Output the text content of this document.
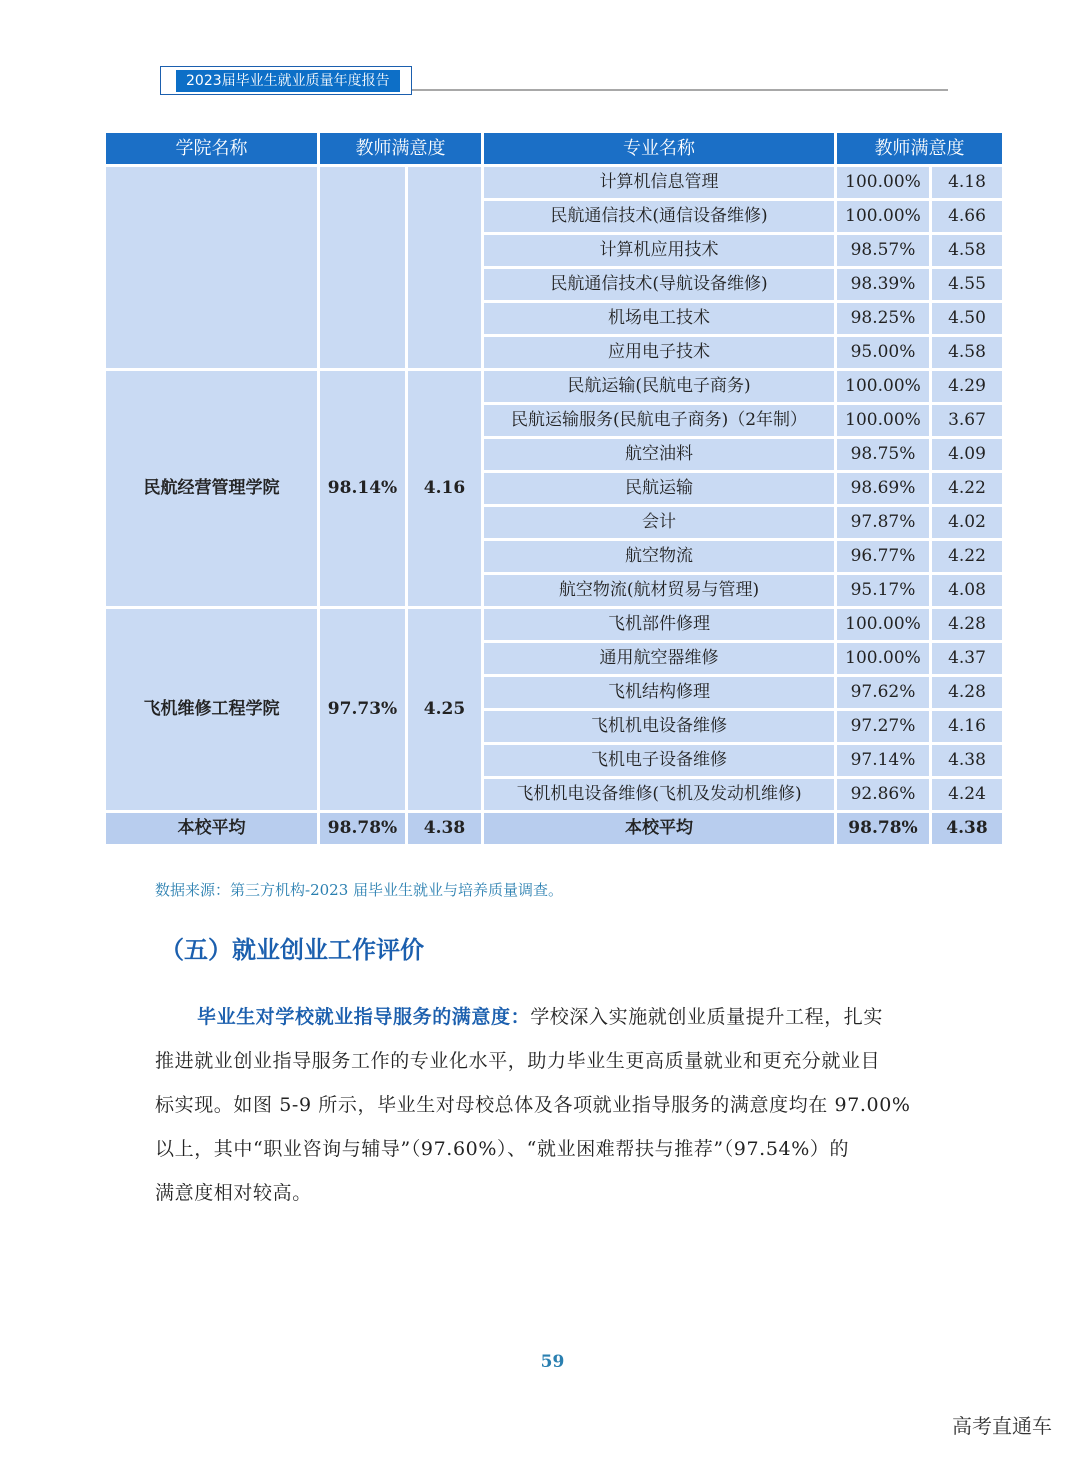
2023届毕业生就业质量年度报告
学院名称	教师满意度		专业名称	教师满意度	
			计算机信息管理	100.00%	4.18
			民航通信技术(通信设备维修)	100.00%	4.66
			计算机应用技术	98.57%	4.58
			民航通信技术(导航设备维修)	98.39%	4.55
			机场电工技术	98.25%	4.50
			应用电子技术	95.00%	4.58
民航经营管理学院	98.14%	4.16	民航运输(民航电子商务)	100.00%	4.29
			民航运输服务(民航电子商务)（2年制）	100.00%	3.67
			航空油料	98.75%	4.09
			民航运输	98.69%	4.22
			会计	97.87%	4.02
			航空物流	96.77%	4.22
			航空物流(航材贸易与管理)	95.17%	4.08
飞机维修工程学院	97.73%	4.25	飞机部件修理	100.00%	4.28
			通用航空器维修	100.00%	4.37
			飞机结构修理	97.62%	4.28
			飞机机电设备维修	97.27%	4.16
			飞机电子设备维修	97.14%	4.38
			飞机机电设备维修(飞机及发动机维修)	92.86%	4.24
本校平均	98.78%	4.38	本校平均	98.78%	4.38
数据来源：第三方机构-2023 届毕业生就业与培养质量调查。
（五）就业创业工作评价
毕业生对学校就业指导服务的满意度：学校深入实施就创业质量提升工程，扎实
推进就业创业指导服务工作的专业化水平，助力毕业生更高质量就业和更充分就业目
标实现。如图 5-9 所示，毕业生对母校总体及各项就业指导服务的满意度均在 97.00%
以上，其中“职业咨询与辅导”（97.60%）、“就业困难帮扶与推荐”（97.54%）的
满意度相对较高。
59
高考直通车
